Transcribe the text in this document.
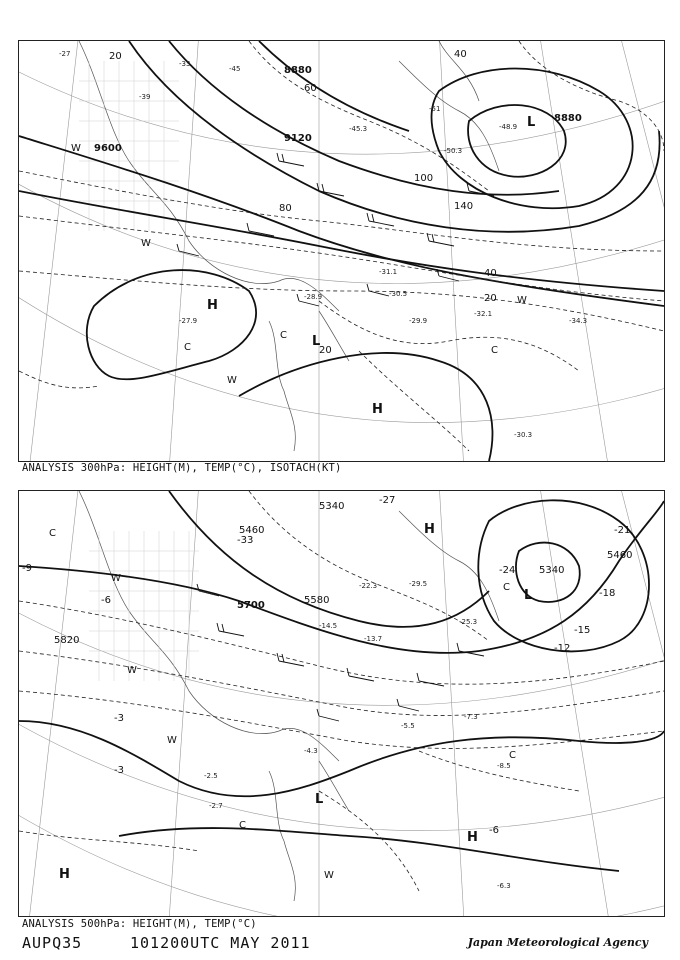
9600
9120
8880
8880
20	40
60
80
100
140
40
20
20
-27
-33
-39
-45
-51
-27.9
-28.9
-29.9
-30.5
-31.1
-32.1
-34.3
-45.3	-48.9
-50.3
-30.3
H
H
L
L
W
W
W
W
C
C	C
ANALYSIS 300hPa: HEIGHT(M), TEMP(°C), ISOTACH(KT)
5820
5700	5580
5460
5340
5460
5340
-3
-6
-9
-12
-15
-18
-21
-24
-27
-33
-3
-6
-25.3
-14.5
-13.7
-8.5
-7.3
-6.3
-5.5
-4.3
-2.7
-2.5
-29.5
-22.3
H
H
H
L
L
C
C
C
C
W
W
W
W
ANALYSIS 500hPa: HEIGHT(M), TEMP(°C)
AUPQ35	101200UTC MAY 2011	Japan Meteorological Agency
